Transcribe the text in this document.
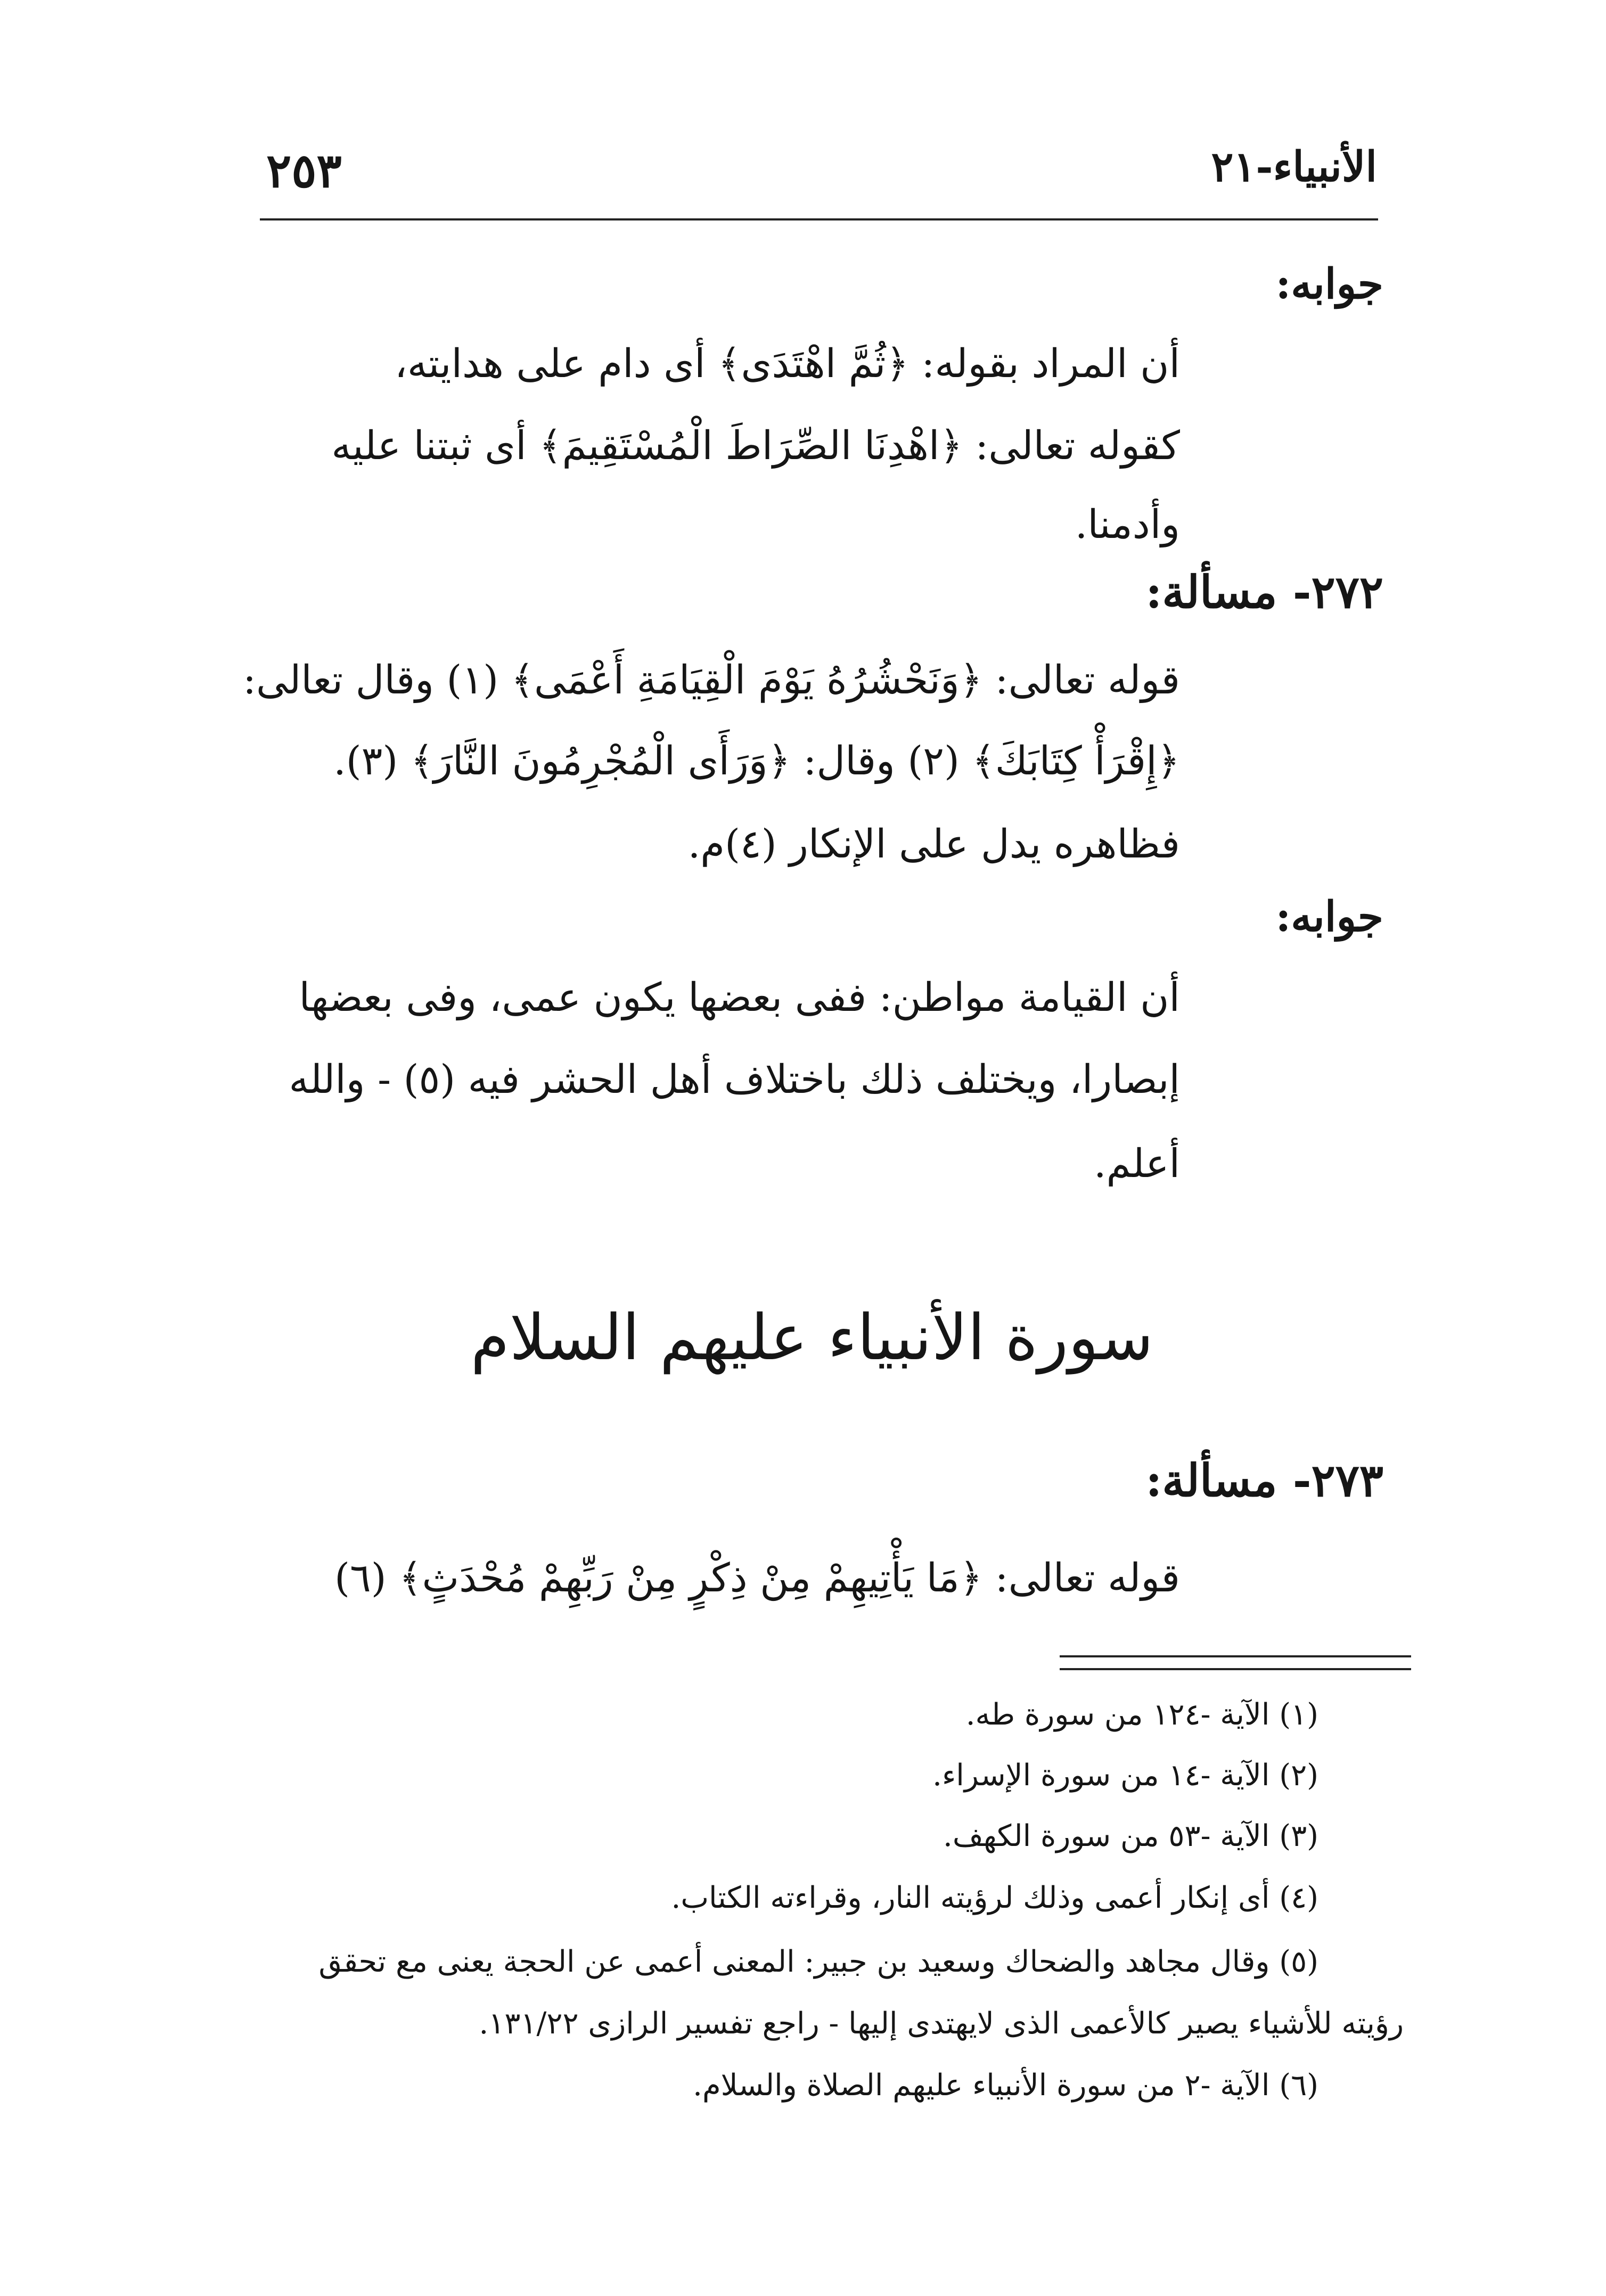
الأنبياء-٢١
٢٥٣
جوابه:
أن المراد بقوله: ﴿ثُمَّ اهْتَدَى﴾ أى دام على هدايته،
كقوله تعالى: ﴿اهْدِنَا الصِّرَاطَ الْمُسْتَقِيمَ﴾ أى ثبتنا عليه
وأدمنا.
٢٧٢- مسألة:
قوله تعالى: ﴿وَنَحْشُرُهُ يَوْمَ الْقِيَامَةِ أَعْمَى﴾ (١) وقال تعالى:
﴿إِقْرَأْ كِتَابَكَ﴾ (٢) وقال: ﴿وَرَأَى الْمُجْرِمُونَ النَّارَ﴾ (٣).
فظاهره يدل على الإنكار (٤)م.
جوابه:
أن القيامة مواطن: ففى بعضها يكون عمى، وفى بعضها
إبصارا، ويختلف ذلك باختلاف أهل الحشر فيه (٥) - والله
أعلم.
سورة الأنبياء عليهم السلام
٢٧٣- مسألة:
قوله تعالى: ﴿مَا يَأْتِيهِمْ مِنْ ذِكْرٍ مِنْ رَبِّهِمْ مُحْدَثٍ﴾ (٦)
(١) الآية -١٢٤ من سورة طه.
(٢) الآية -١٤ من سورة الإسراء.
(٣) الآية -٥٣ من سورة الكهف.
(٤) أى إنكار أعمى وذلك لرؤيته النار، وقراءته الكتاب.
(٥) وقال مجاهد والضحاك وسعيد بن جبير: المعنى أعمى عن الحجة يعنى مع تحقق
رؤيته للأشياء يصير كالأعمى الذى لايهتدى إليها - راجع تفسير الرازى ١٣١/٢٢.
(٦) الآية -٢ من سورة الأنبياء عليهم الصلاة والسلام.
